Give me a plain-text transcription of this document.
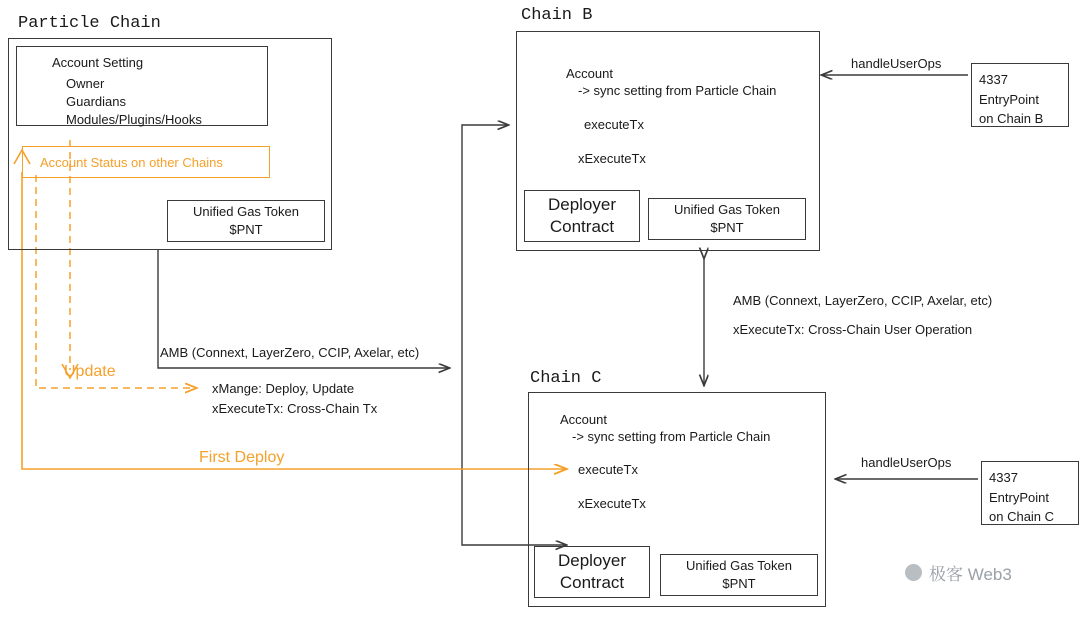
Particle Chain	Chain B
Chain C
Account Setting
Owner
Guardians
Modules/Plugins/Hooks
Account Status on other Chains
Unified Gas Token
$PNT
Account
-> sync setting from Particle Chain
executeTx
xExecuteTx
Deployer
Contract
Unified Gas Token
$PNT
4337
EntryPoint
on Chain B
handleUserOps
Account
-> sync setting from Particle Chain
executeTx
xExecuteTx
Deployer
Contract
Unified Gas Token
$PNT
4337
EntryPoint
on Chain C
handleUserOps
AMB (Connext, LayerZero, CCIP, Axelar, etc)
xMange: Deploy, Update
xExecuteTx: Cross-Chain Tx
Update
First Deploy
AMB (Connext, LayerZero, CCIP, Axelar, etc)
xExecuteTx: Cross-Chain User Operation
极客 Web3
